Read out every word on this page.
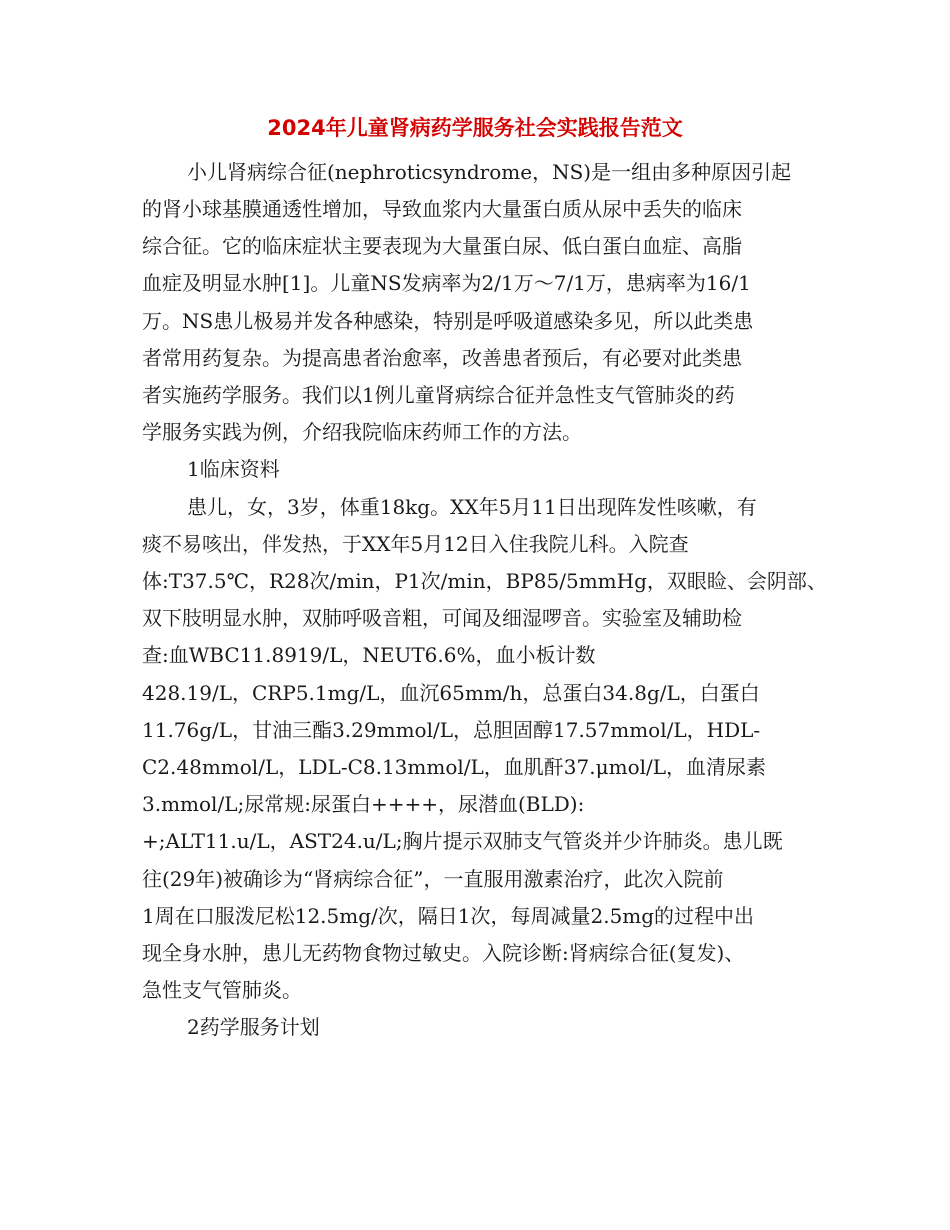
2024年儿童肾病药学服务社会实践报告范文
小儿肾病综合征(nephroticsyndrome，NS)是一组由多种原因引起
的肾小球基膜通透性增加，导致血浆内大量蛋白质从尿中丢失的临床
综合征。它的临床症状主要表现为大量蛋白尿、低白蛋白血症、高脂
血症及明显水肿[1]。儿童NS发病率为2/1万～7/1万，患病率为16/1
万。NS患儿极易并发各种感染，特别是呼吸道感染多见，所以此类患
者常用药复杂。为提高患者治愈率，改善患者预后，有必要对此类患
者实施药学服务。我们以1例儿童肾病综合征并急性支气管肺炎的药
学服务实践为例，介绍我院临床药师工作的方法。
1临床资料
患儿，女，3岁，体重18kg。XX年5月11日出现阵发性咳嗽，有
痰不易咳出，伴发热，于XX年5月12日入住我院儿科。入院查
体:T37.5℃，R28次/min，P1次/min，BP85/5mmHg，双眼睑、会阴部、
双下肢明显水肿，双肺呼吸音粗，可闻及细湿啰音。实验室及辅助检
查:血WBC11.8919/L，NEUT6.6%，血小板计数
428.19/L，CRP5.1mg/L，血沉65mm/h，总蛋白34.8g/L，白蛋白
11.76g/L，甘油三酯3.29mmol/L，总胆固醇17.57mmol/L，HDL-
C2.48mmol/L，LDL-C8.13mmol/L，血肌酐37.μmol/L，血清尿素
3.mmol/L;尿常规:尿蛋白++++，尿潜血(BLD):
+;ALT11.u/L，AST24.u/L;胸片提示双肺支气管炎并少许肺炎。患儿既
往(29年)被确诊为“肾病综合征”，一直服用激素治疗，此次入院前
1周在口服泼尼松12.5mg/次，隔日1次，每周减量2.5mg的过程中出
现全身水肿，患儿无药物食物过敏史。入院诊断:肾病综合征(复发)、
急性支气管肺炎。
2药学服务计划
